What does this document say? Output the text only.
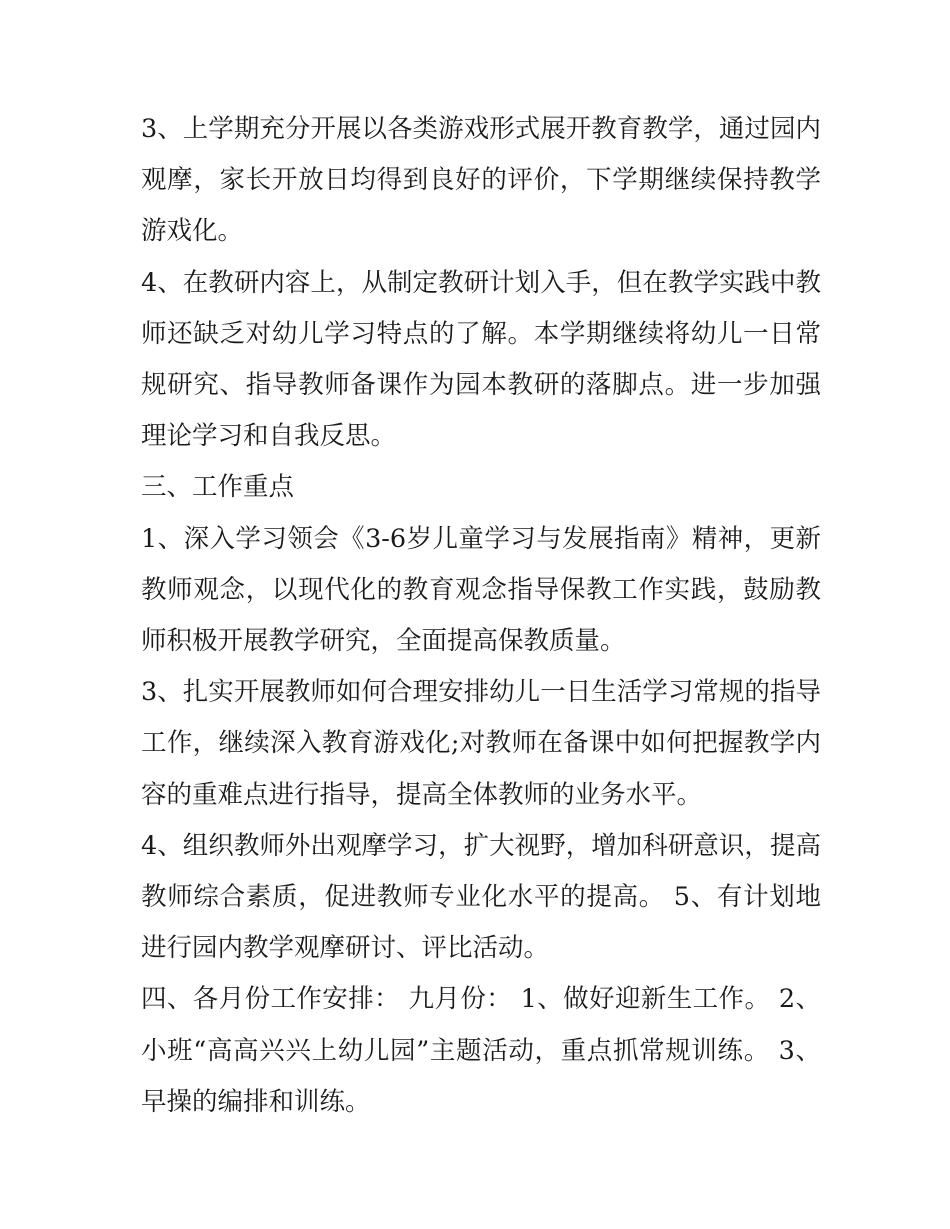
3、上学期充分开展以各类游戏形式展开教育教学，通过园内观摩，家长开放日均得到良好的评价，下学期继续保持教学游戏化。

4、在教研内容上，从制定教研计划入手，但在教学实践中教师还缺乏对幼儿学习特点的了解。本学期继续将幼儿一日常规研究、指导教师备课作为园本教研的落脚点。进一步加强理论学习和自我反思。

三、工作重点

1、深入学习领会《3-6岁儿童学习与发展指南》精神，更新教师观念，以现代化的教育观念指导保教工作实践，鼓励教师积极开展教学研究，全面提高保教质量。

3、扎实开展教师如何合理安排幼儿一日生活学习常规的指导工作，继续深入教育游戏化;对教师在备课中如何把握教学内容的重难点进行指导，提高全体教师的业务水平。

4、组织教师外出观摩学习，扩大视野，增加科研意识，提高教师综合素质，促进教师专业化水平的提高。 5、有计划地进行园内教学观摩研讨、评比活动。

四、各月份工作安排： 九月份： 1、做好迎新生工作。 2、小班“高高兴兴上幼儿园”主题活动，重点抓常规训练。 3、早操的编排和训练。
